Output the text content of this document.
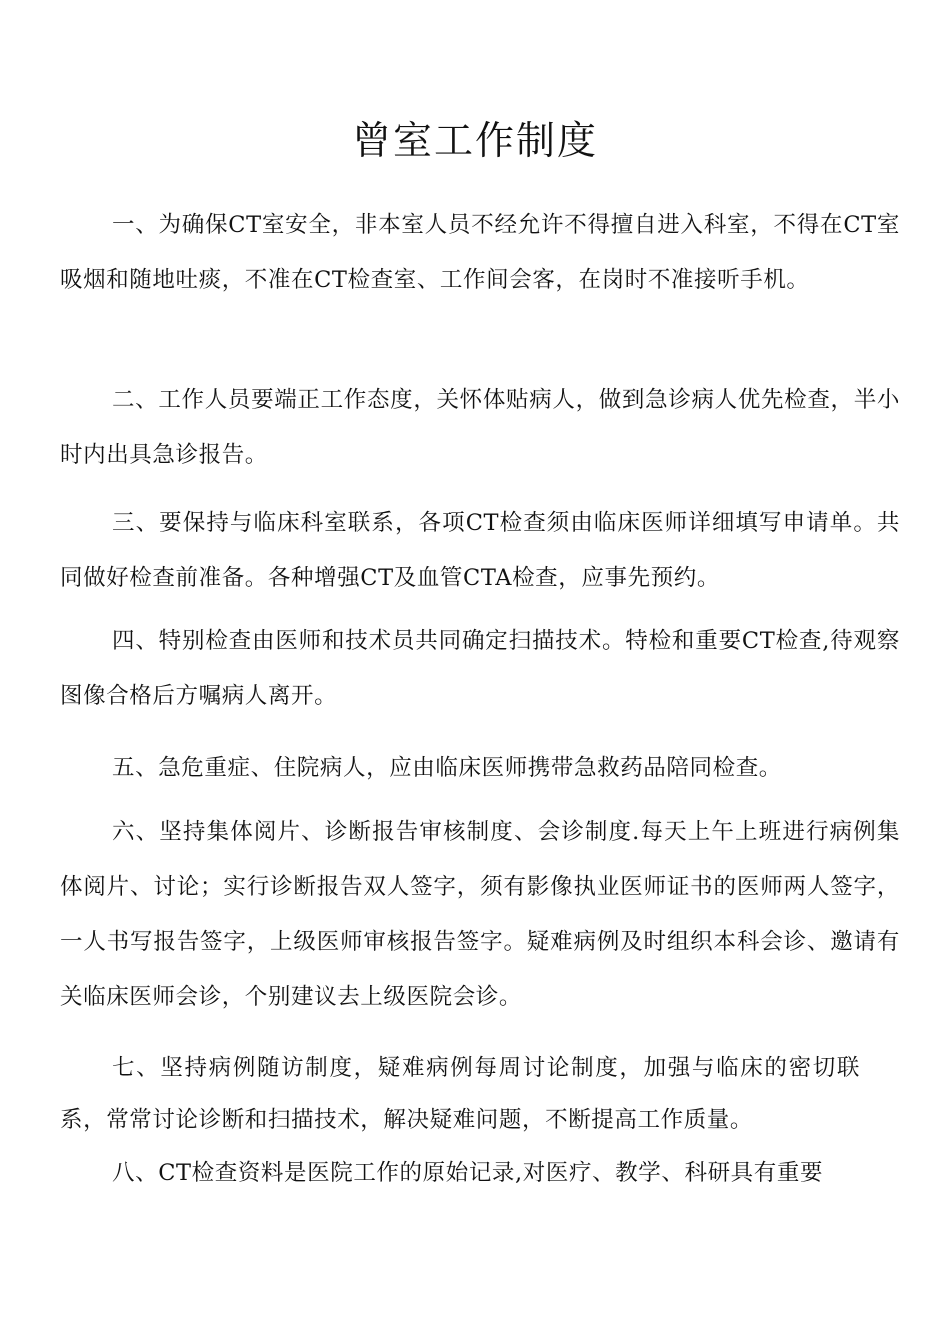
曾室工作制度

一、为确保CT室安全，非本室人员不经允许不得擅自进入科室，不得在CT室吸烟和随地吐痰，不准在CT检查室、工作间会客，在岗时不准接听手机。

二、工作人员要端正工作态度，关怀体贴病人，做到急诊病人优先检查，半小时内出具急诊报告。

三、要保持与临床科室联系，各项CT检查须由临床医师详细填写申请单。共同做好检查前准备。各种增强CT及血管CTA检查，应事先预约。

四、特别检查由医师和技术员共同确定扫描技术。特检和重要CT检查,待观察图像合格后方嘱病人离开。

五、急危重症、住院病人，应由临床医师携带急救药品陪同检查。

六、坚持集体阅片、诊断报告审核制度、会诊制度.每天上午上班进行病例集体阅片、讨论；实行诊断报告双人签字，须有影像执业医师证书的医师两人签字，一人书写报告签字，上级医师审核报告签字。疑难病例及时组织本科会诊、邀请有关临床医师会诊，个别建议去上级医院会诊。

七、坚持病例随访制度，疑难病例每周讨论制度，加强与临床的密切联系，常常讨论诊断和扫描技术，解决疑难问题，不断提高工作质量。

八、CT检查资料是医院工作的原始记录,对医疗、教学、科研具有重要
